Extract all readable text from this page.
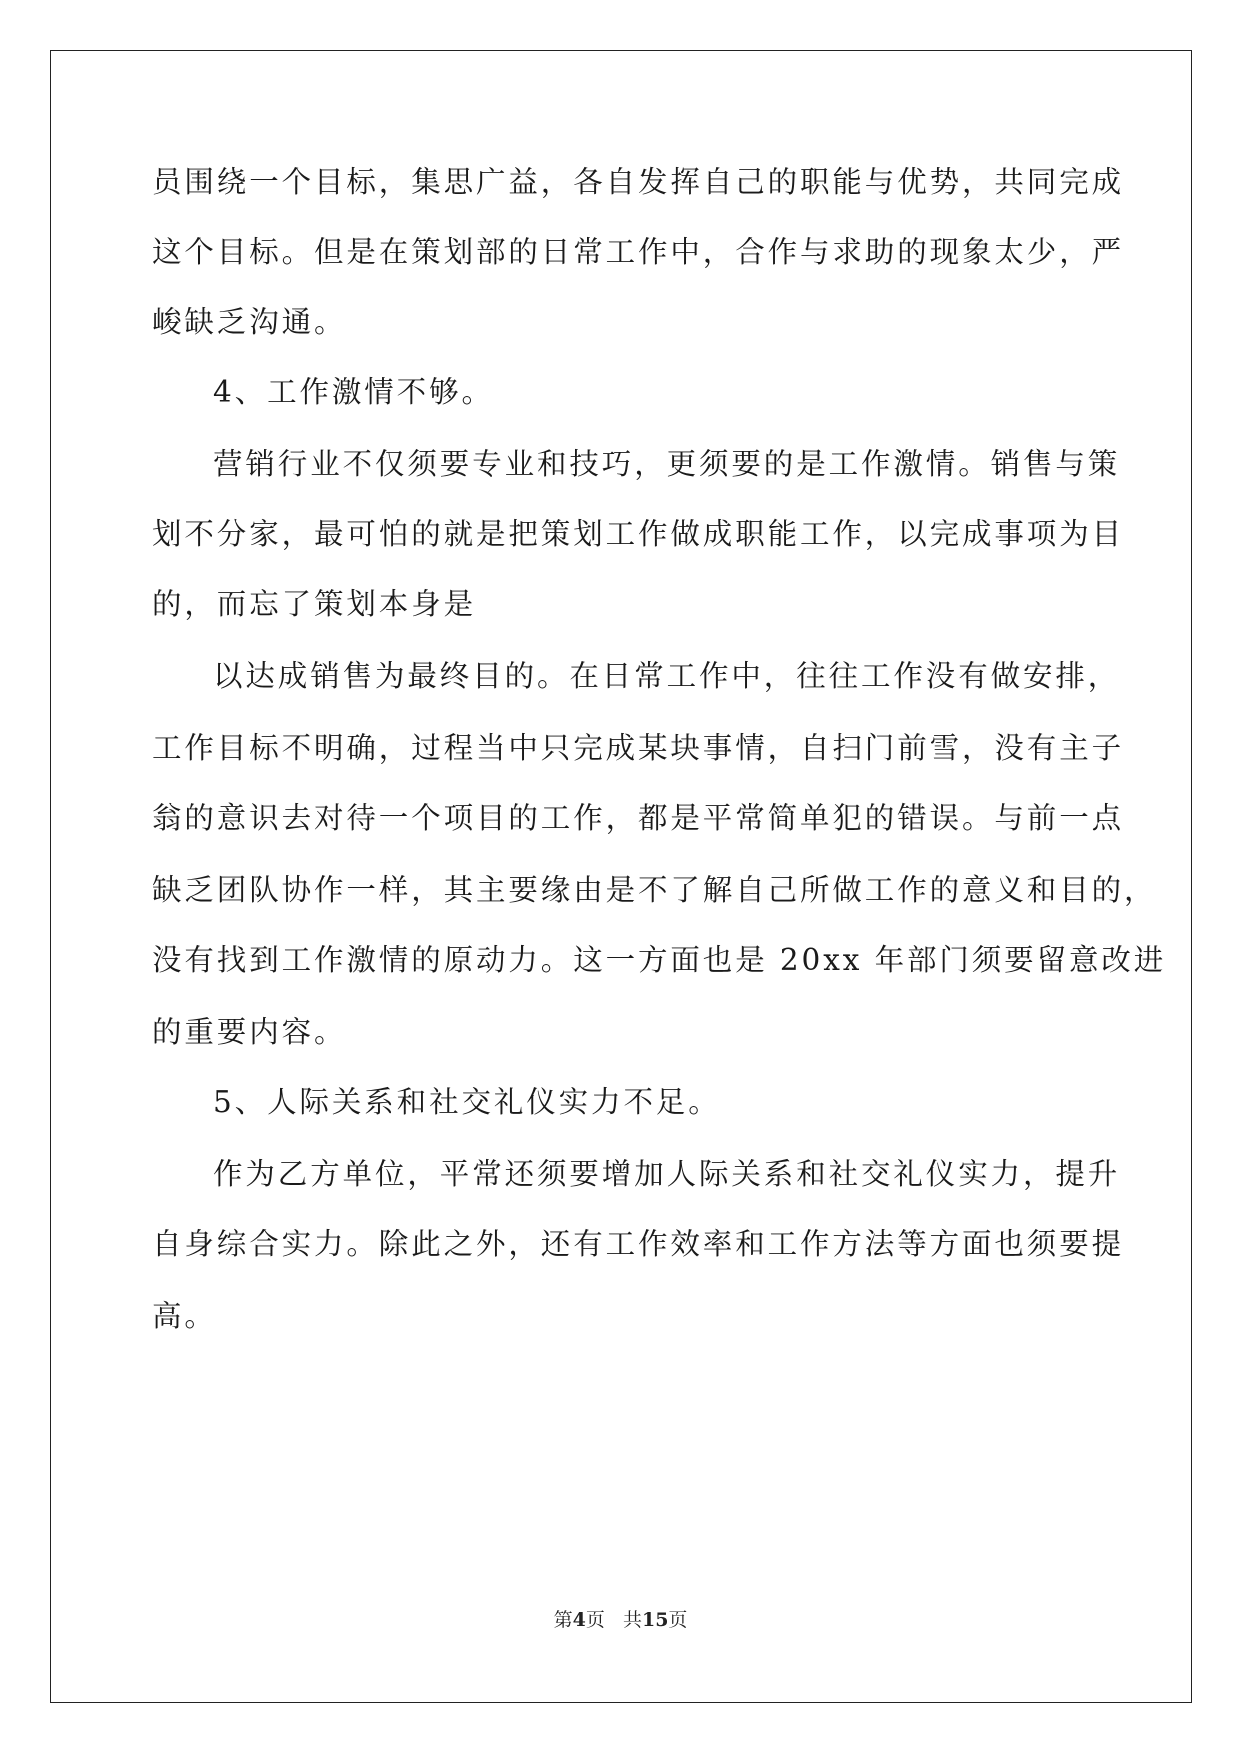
员围绕一个目标，集思广益，各自发挥自己的职能与优势，共同完成
这个目标。但是在策划部的日常工作中，合作与求助的现象太少，严
峻缺乏沟通。
4、工作激情不够。
营销行业不仅须要专业和技巧，更须要的是工作激情。销售与策
划不分家，最可怕的就是把策划工作做成职能工作，以完成事项为目
的，而忘了策划本身是
以达成销售为最终目的。在日常工作中，往往工作没有做安排，
工作目标不明确，过程当中只完成某块事情，自扫门前雪，没有主子
翁的意识去对待一个项目的工作，都是平常简单犯的错误。与前一点
缺乏团队协作一样，其主要缘由是不了解自己所做工作的意义和目的，
没有找到工作激情的原动力。这一方面也是 20xx 年部门须要留意改进
的重要内容。
5、人际关系和社交礼仪实力不足。
作为乙方单位，平常还须要增加人际关系和社交礼仪实力，提升
自身综合实力。除此之外，还有工作效率和工作方法等方面也须要提
高。
第4页 共15页
